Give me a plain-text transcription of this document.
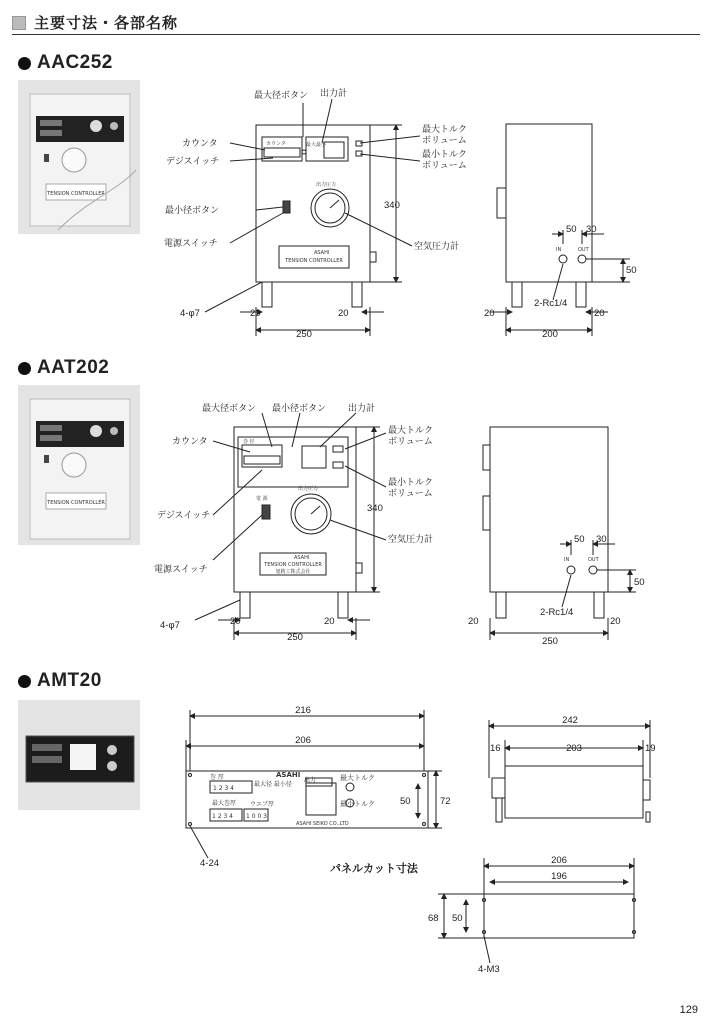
主要寸法・各部名称
AAC252
AAT202
AMT20
TENSION CONTROLLER
TENSION CONTROLLER
最大径ボタン 出力計
カウンタ
デジスイッチ
最小径ボタン
電源スイッチ
最大トルクボリューム
最小トルクボリューム
空気圧力計
出力圧力
ASAHI
TENSION CONTROLLER
カウンタ	最大最小
340
250
20	20
4-φ7
200
20	20
50 30
50
IN	OUT
2-Rc1/4
最大径ボタン 最小径ボタン 出力計
カウンタ
デジスイッチ
電源スイッチ
最大トルクボリューム
最小トルクボリューム
空気圧力計
電 源
ASAHI
TENSION CONTROLLER
旭精工株式会社
出力圧力
巻 径
340
250
20	20
4-φ7
250
20	20
50 30
50
IN	OUT
2-Rc1/4
巻 厚
最大径 最小径
最大巻厚 ウエブ厚
出力	最大トルク
最小トルク
ASAHI
ASAHI SEIKO CO.,LTD
1 2 3 4
1 2 3 4 1 0 0 3
216
206
50	72
4-24
242
16	203	19
206
196
68 50
4-M3
パネルカット寸法
129
